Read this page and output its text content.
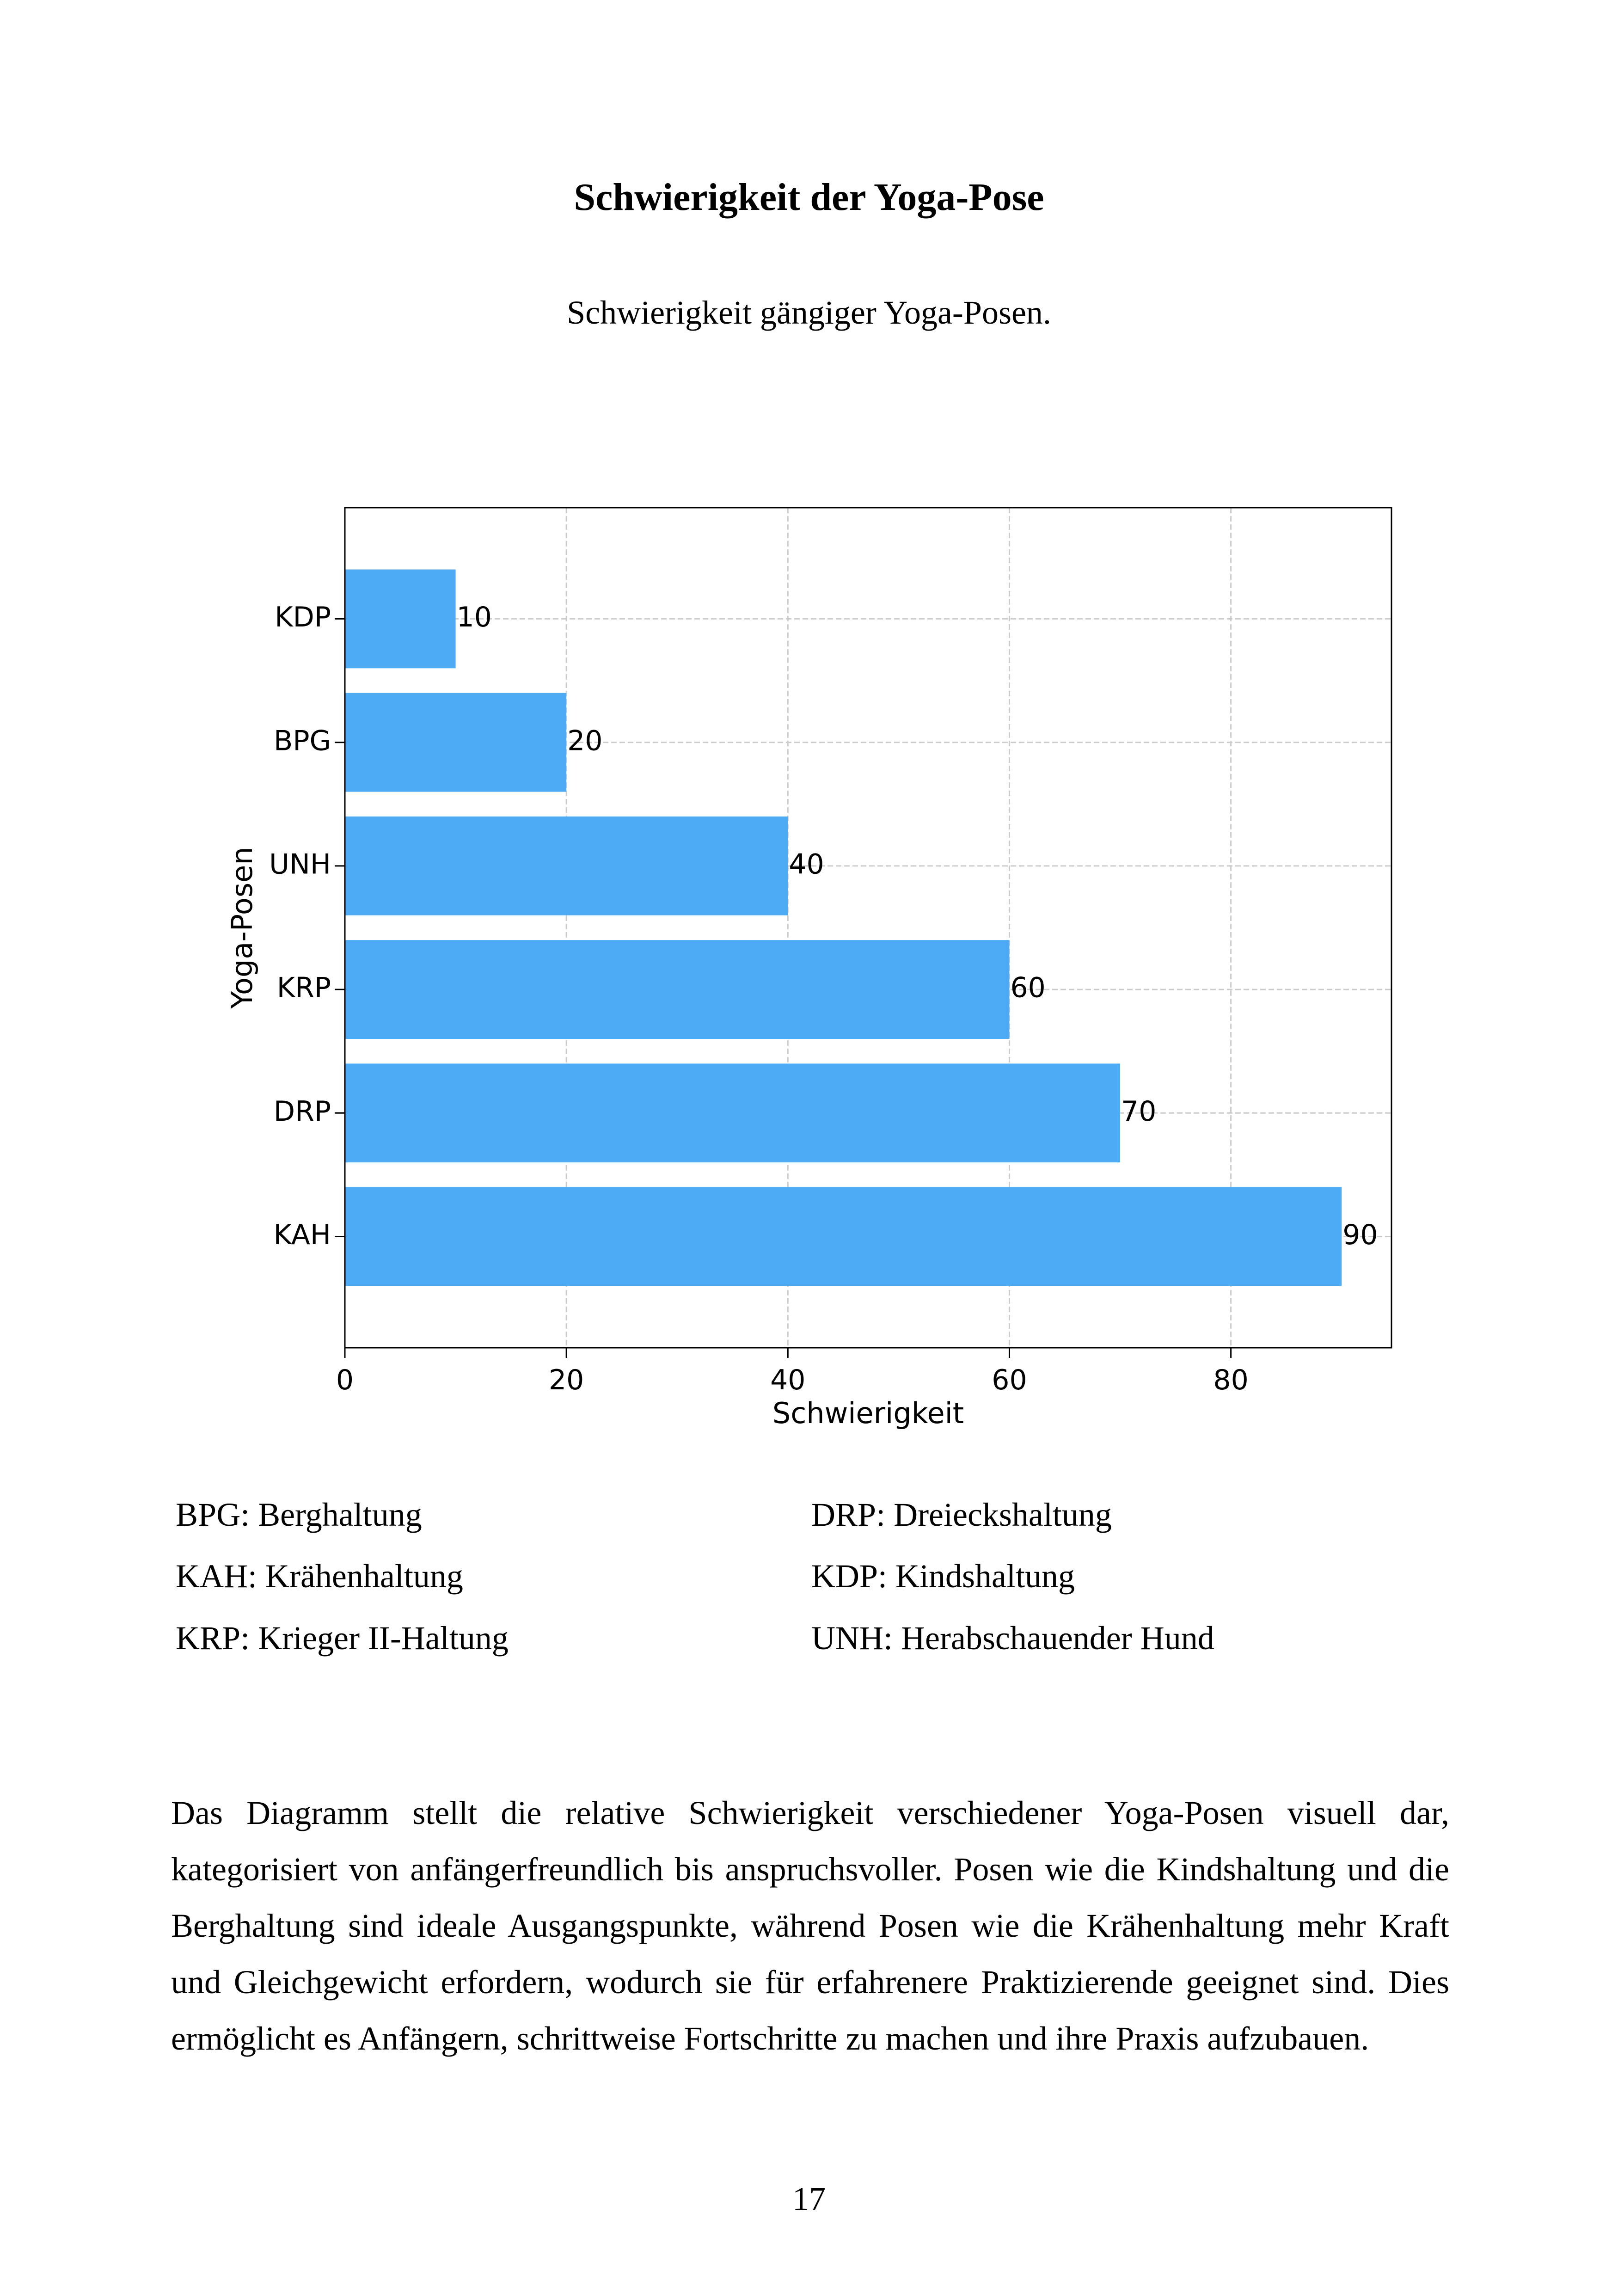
Schwierigkeit der Yoga-Pose

Schwierigkeit gängiger Yoga-Posen.

10
KDP
20
BPG
40
UNH
60
KRP
70
DRP
90
KAH
0	20	40	60	80
Schwierigkeit
Yoga-Posen
BPG: Berghaltung	DRP: Dreieckshaltung
KAH: Krähenhaltung	KDP: Kindshaltung
KRP: Krieger II-Haltung	UNH: Herabschauender Hund

Das Diagramm stellt die relative Schwierigkeit verschiedener Yoga-Posen visuell dar, kategorisiert von anfängerfreundlich bis anspruchsvoller. Posen wie die Kindshaltung und die Berghaltung sind ideale Ausgangspunkte, während Posen wie die Krähenhaltung mehr Kraft und Gleichgewicht erfordern, wodurch sie für erfahrenere Praktizierende geeignet sind. Dies ermöglicht es Anfängern, schrittweise Fortschritte zu machen und ihre Praxis aufzubauen.

17
